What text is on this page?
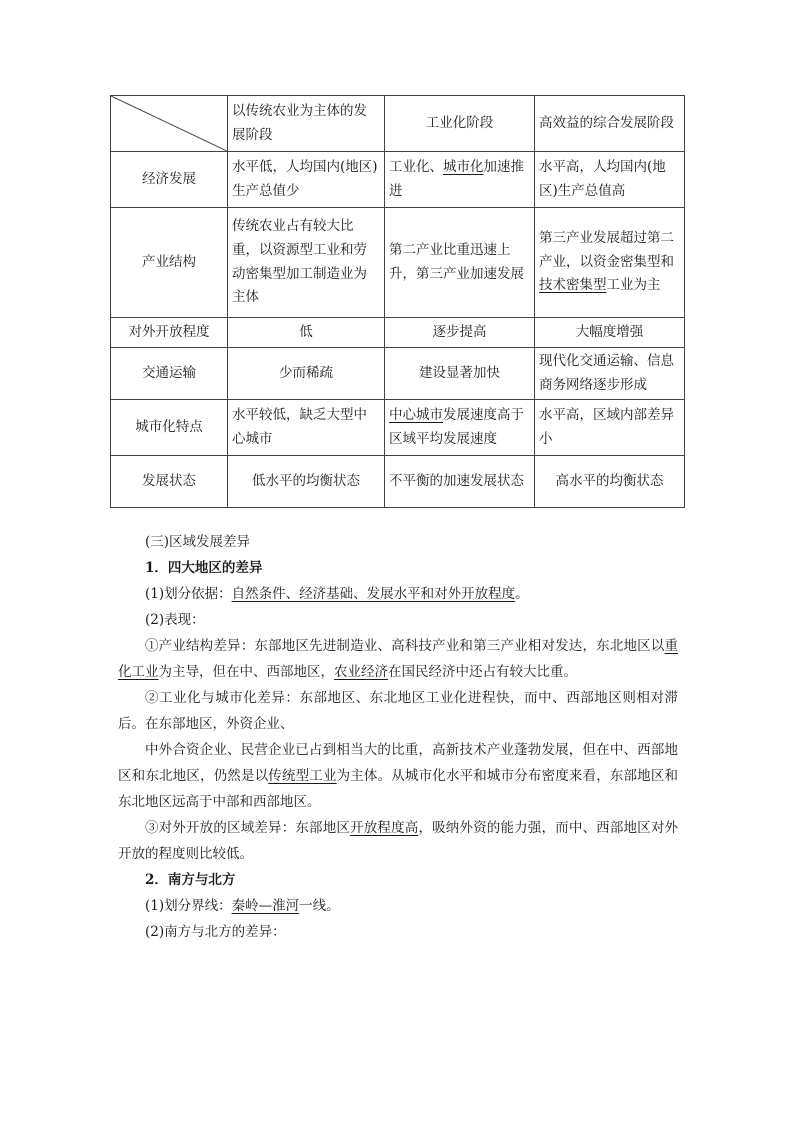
	以传统农业为主体的发展阶段	工业化阶段	高效益的综合发展阶段
经济发展	水平低，人均国内(地区)生产总值少	工业化、城市化加速推进	水平高，人均国内(地区)生产总值高
产业结构	传统农业占有较大比重，以资源型工业和劳动密集型加工制造业为主体	第二产业比重迅速上升，第三产业加速发展	第三产业发展超过第二产业，以资金密集型和技术密集型工业为主
对外开放程度	低	逐步提高	大幅度增强
交通运输	少而稀疏	建设显著加快	现代化交通运输、信息商务网络逐步形成
城市化特点	水平较低，缺乏大型中心城市	中心城市发展速度高于区域平均发展速度	水平高，区域内部差异小
发展状态	低水平的均衡状态	不平衡的加速发展状态	高水平的均衡状态

(三)区域发展差异

1．四大地区的差异

(1)划分依据：自然条件、经济基础、发展水平和对外开放程度。

(2)表现：

①产业结构差异：东部地区先进制造业、高科技产业和第三产业相对发达，东北地区以重化工业为主导，但在中、西部地区，农业经济在国民经济中还占有较大比重。

②工业化与城市化差异：东部地区、东北地区工业化进程快，而中、西部地区则相对滞后。在东部地区，外资企业、

中外合资企业、民营企业已占到相当大的比重，高新技术产业蓬勃发展，但在中、西部地区和东北地区，仍然是以传统型工业为主体。从城市化水平和城市分布密度来看，东部地区和东北地区远高于中部和西部地区。

③对外开放的区域差异：东部地区开放程度高，吸纳外资的能力强，而中、西部地区对外开放的程度则比较低。

2．南方与北方

(1)划分界线：秦岭—淮河一线。

(2)南方与北方的差异：
